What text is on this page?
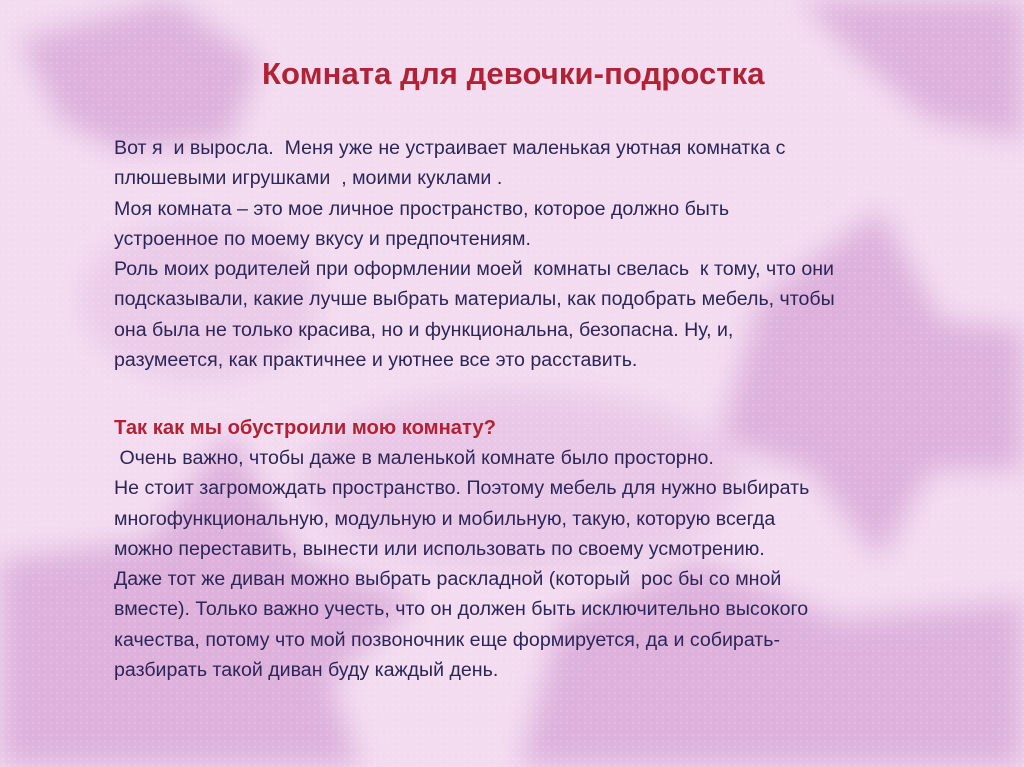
Комната для девочки-подростка
Вот я  и выросла.  Меня уже не устраивает маленькая уютная комнатка с
плюшевыми игрушками  , моими куклами .
Моя комната – это мое личное пространство, которое должно быть
устроенное по моему вкусу и предпочтениям.
Роль моих родителей при оформлении моей  комнаты свелась  к тому, что они
подсказывали, какие лучше выбрать материалы, как подобрать мебель, чтобы
она была не только красива, но и функциональна, безопасна. Ну, и,
разумеется, как практичнее и уютнее все это расставить.
Так как мы обустроили мою комнату?
Очень важно, чтобы даже в маленькой комнате было просторно.
Не стоит загромождать пространство. Поэтому мебель для нужно выбирать
многофункциональную, модульную и мобильную, такую, которую всегда
можно переставить, вынести или использовать по своему усмотрению.
Даже тот же диван можно выбрать раскладной (который  рос бы со мной
вместе). Только важно учесть, что он должен быть исключительно высокого
качества, потому что мой позвоночник еще формируется, да и собирать-
разбирать такой диван буду каждый день.
